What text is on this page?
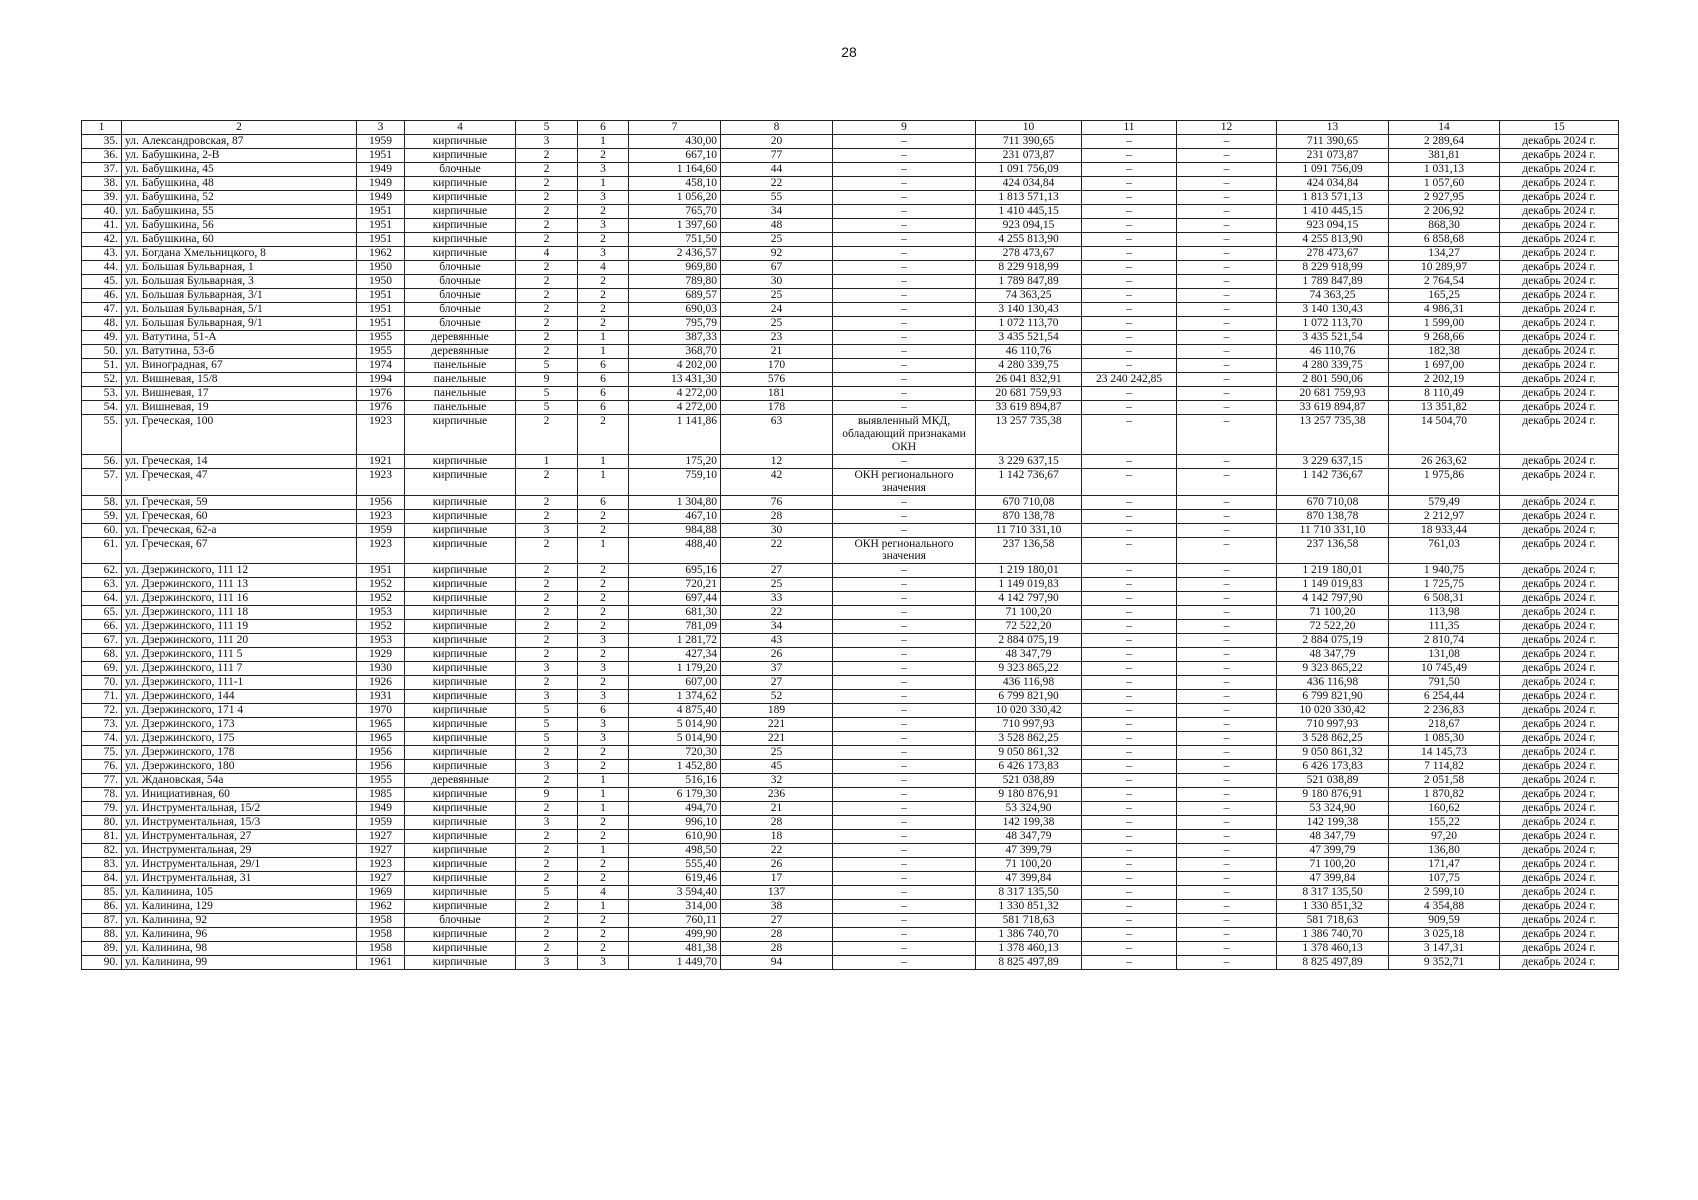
28
1	2	3	4	5	6	7	8	9	10	11	12	13	14	15
35.	ул. Александровская, 87	1959	кирпичные	3	1	430,00	20	–	711 390,65	–	–	711 390,65	2 289,64	декабрь 2024 г.
36.	ул. Бабушкина, 2-В	1951	кирпичные	2	2	667,10	77	–	231 073,87	–	–	231 073,87	381,81	декабрь 2024 г.
37.	ул. Бабушкина, 45	1949	блочные	2	3	1 164,60	44	–	1 091 756,09	–	–	1 091 756,09	1 031,13	декабрь 2024 г.
38.	ул. Бабушкина, 48	1949	кирпичные	2	1	458,10	22	–	424 034,84	–	–	424 034,84	1 057,60	декабрь 2024 г.
39.	ул. Бабушкина, 52	1949	кирпичные	2	3	1 056,20	55	–	1 813 571,13	–	–	1 813 571,13	2 927,95	декабрь 2024 г.
40.	ул. Бабушкина, 55	1951	кирпичные	2	2	765,70	34	–	1 410 445,15	–	–	1 410 445,15	2 206,92	декабрь 2024 г.
41.	ул. Бабушкина, 56	1951	кирпичные	2	3	1 397,60	48	–	923 094,15	–	–	923 094,15	868,30	декабрь 2024 г.
42.	ул. Бабушкина, 60	1951	кирпичные	2	2	751,50	25	–	4 255 813,90	–	–	4 255 813,90	6 858,68	декабрь 2024 г.
43.	ул. Богдана Хмельницкого, 8	1962	кирпичные	4	3	2 436,57	92	–	278 473,67	–	–	278 473,67	134,27	декабрь 2024 г.
44.	ул. Большая Бульварная, 1	1950	блочные	2	4	969,80	67	–	8 229 918,99	–	–	8 229 918,99	10 289,97	декабрь 2024 г.
45.	ул. Большая Бульварная, 3	1950	блочные	2	2	789,80	30	–	1 789 847,89	–	–	1 789 847,89	2 764,54	декабрь 2024 г.
46.	ул. Большая Бульварная, 3/1	1951	блочные	2	2	689,57	25	–	74 363,25	–	–	74 363,25	165,25	декабрь 2024 г.
47.	ул. Большая Бульварная, 5/1	1951	блочные	2	2	690,03	24	–	3 140 130,43	–	–	3 140 130,43	4 986,31	декабрь 2024 г.
48.	ул. Большая Бульварная, 9/1	1951	блочные	2	2	795,79	25	–	1 072 113,70	–	–	1 072 113,70	1 599,00	декабрь 2024 г.
49.	ул. Ватутина, 51-А	1955	деревянные	2	1	387,33	23	–	3 435 521,54	–	–	3 435 521,54	9 268,66	декабрь 2024 г.
50.	ул. Ватутина, 53-б	1955	деревянные	2	1	368,70	21	–	46 110,76	–	–	46 110,76	182,38	декабрь 2024 г.
51.	ул. Виноградная, 67	1974	панельные	5	6	4 202,00	170	–	4 280 339,75	–	–	4 280 339,75	1 697,00	декабрь 2024 г.
52.	ул. Вишневая, 15/8	1994	панельные	9	6	13 431,30	576	–	26 041 832,91	23 240 242,85	–	2 801 590,06	2 202,19	декабрь 2024 г.
53.	ул. Вишневая, 17	1976	панельные	5	6	4 272,00	181	–	20 681 759,93	–	–	20 681 759,93	8 110,49	декабрь 2024 г.
54.	ул. Вишневая, 19	1976	панельные	5	6	4 272,00	178	–	33 619 894,87	–	–	33 619 894,87	13 351,82	декабрь 2024 г.
55.	ул. Греческая, 100	1923	кирпичные	2	2	1 141,86	63	выявленный МКД, обладающий признаками ОКН	13 257 735,38	–	–	13 257 735,38	14 504,70	декабрь 2024 г.
56.	ул. Греческая, 14	1921	кирпичные	1	1	175,20	12	–	3 229 637,15	–	–	3 229 637,15	26 263,62	декабрь 2024 г.
57.	ул. Греческая, 47	1923	кирпичные	2	1	759,10	42	ОКН регионального значения	1 142 736,67	–	–	1 142 736,67	1 975,86	декабрь 2024 г.
58.	ул. Греческая, 59	1956	кирпичные	2	6	1 304,80	76	–	670 710,08	–	–	670 710,08	579,49	декабрь 2024 г.
59.	ул. Греческая, 60	1923	кирпичные	2	2	467,10	28	–	870 138,78	–	–	870 138,78	2 212,97	декабрь 2024 г.
60.	ул. Греческая, 62-а	1959	кирпичные	3	2	984,88	30	–	11 710 331,10	–	–	11 710 331,10	18 933,44	декабрь 2024 г.
61.	ул. Греческая, 67	1923	кирпичные	2	1	488,40	22	ОКН регионального значения	237 136,58	–	–	237 136,58	761,03	декабрь 2024 г.
62.	ул. Дзержинского, 111 12	1951	кирпичные	2	2	695,16	27	–	1 219 180,01	–	–	1 219 180,01	1 940,75	декабрь 2024 г.
63.	ул. Дзержинского, 111 13	1952	кирпичные	2	2	720,21	25	–	1 149 019,83	–	–	1 149 019,83	1 725,75	декабрь 2024 г.
64.	ул. Дзержинского, 111 16	1952	кирпичные	2	2	697,44	33	–	4 142 797,90	–	–	4 142 797,90	6 508,31	декабрь 2024 г.
65.	ул. Дзержинского, 111 18	1953	кирпичные	2	2	681,30	22	–	71 100,20	–	–	71 100,20	113,98	декабрь 2024 г.
66.	ул. Дзержинского, 111 19	1952	кирпичные	2	2	781,09	34	–	72 522,20	–	–	72 522,20	111,35	декабрь 2024 г.
67.	ул. Дзержинского, 111 20	1953	кирпичные	2	3	1 281,72	43	–	2 884 075,19	–	–	2 884 075,19	2 810,74	декабрь 2024 г.
68.	ул. Дзержинского, 111 5	1929	кирпичные	2	2	427,34	26	–	48 347,79	–	–	48 347,79	131,08	декабрь 2024 г.
69.	ул. Дзержинского, 111 7	1930	кирпичные	3	3	1 179,20	37	–	9 323 865,22	–	–	9 323 865,22	10 745,49	декабрь 2024 г.
70.	ул. Дзержинского, 111-1	1926	кирпичные	2	2	607,00	27	–	436 116,98	–	–	436 116,98	791,50	декабрь 2024 г.
71.	ул. Дзержинского, 144	1931	кирпичные	3	3	1 374,62	52	–	6 799 821,90	–	–	6 799 821,90	6 254,44	декабрь 2024 г.
72.	ул. Дзержинского, 171 4	1970	кирпичные	5	6	4 875,40	189	–	10 020 330,42	–	–	10 020 330,42	2 236,83	декабрь 2024 г.
73.	ул. Дзержинского, 173	1965	кирпичные	5	3	5 014,90	221	–	710 997,93	–	–	710 997,93	218,67	декабрь 2024 г.
74.	ул. Дзержинского, 175	1965	кирпичные	5	3	5 014,90	221	–	3 528 862,25	–	–	3 528 862,25	1 085,30	декабрь 2024 г.
75.	ул. Дзержинского, 178	1956	кирпичные	2	2	720,30	25	–	9 050 861,32	–	–	9 050 861,32	14 145,73	декабрь 2024 г.
76.	ул. Дзержинского, 180	1956	кирпичные	3	2	1 452,80	45	–	6 426 173,83	–	–	6 426 173,83	7 114,82	декабрь 2024 г.
77.	ул. Ждановская, 54а	1955	деревянные	2	1	516,16	32	–	521 038,89	–	–	521 038,89	2 051,58	декабрь 2024 г.
78.	ул. Инициативная, 60	1985	кирпичные	9	1	6 179,30	236	–	9 180 876,91	–	–	9 180 876,91	1 870,82	декабрь 2024 г.
79.	ул. Инструментальная, 15/2	1949	кирпичные	2	1	494,70	21	–	53 324,90	–	–	53 324,90	160,62	декабрь 2024 г.
80.	ул. Инструментальная, 15/3	1959	кирпичные	3	2	996,10	28	–	142 199,38	–	–	142 199,38	155,22	декабрь 2024 г.
81.	ул. Инструментальная, 27	1927	кирпичные	2	2	610,90	18	–	48 347,79	–	–	48 347,79	97,20	декабрь 2024 г.
82.	ул. Инструментальная, 29	1927	кирпичные	2	1	498,50	22	–	47 399,79	–	–	47 399,79	136,80	декабрь 2024 г.
83.	ул. Инструментальная, 29/1	1923	кирпичные	2	2	555,40	26	–	71 100,20	–	–	71 100,20	171,47	декабрь 2024 г.
84.	ул. Инструментальная, 31	1927	кирпичные	2	2	619,46	17	–	47 399,84	–	–	47 399,84	107,75	декабрь 2024 г.
85.	ул. Калинина, 105	1969	кирпичные	5	4	3 594,40	137	–	8 317 135,50	–	–	8 317 135,50	2 599,10	декабрь 2024 г.
86.	ул. Калинина, 129	1962	кирпичные	2	1	314,00	38	–	1 330 851,32	–	–	1 330 851,32	4 354,88	декабрь 2024 г.
87.	ул. Калинина, 92	1958	блочные	2	2	760,11	27	–	581 718,63	–	–	581 718,63	909,59	декабрь 2024 г.
88.	ул. Калинина, 96	1958	кирпичные	2	2	499,90	28	–	1 386 740,70	–	–	1 386 740,70	3 025,18	декабрь 2024 г.
89.	ул. Калинина, 98	1958	кирпичные	2	2	481,38	28	–	1 378 460,13	–	–	1 378 460,13	3 147,31	декабрь 2024 г.
90.	ул. Калинина, 99	1961	кирпичные	3	3	1 449,70	94	–	8 825 497,89	–	–	8 825 497,89	9 352,71	декабрь 2024 г.
